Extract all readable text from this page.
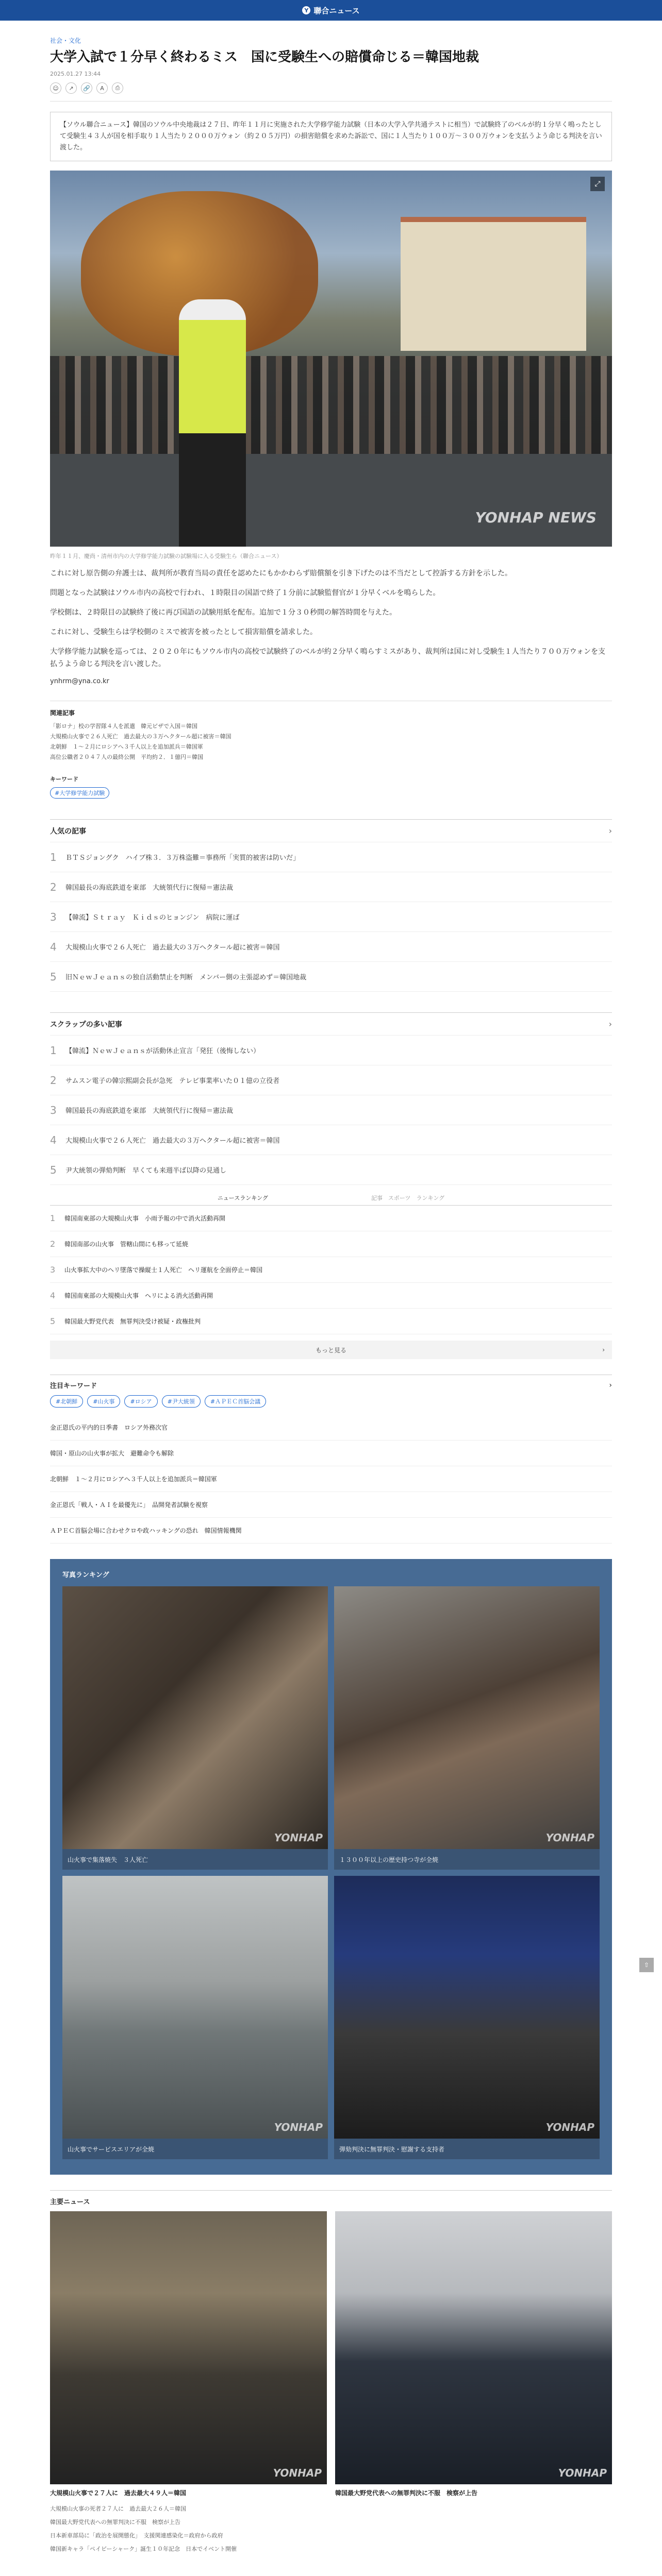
Y 聯合ニュース
社会・文化
大学入試で１分早く終わるミス　国に受験生への賠償命じる＝韓国地裁
2025.01.27 13:44
☺	↗	🔗	A	⎙
【ソウル聯合ニュース】韓国のソウル中央地裁は２７日、昨年１１月に実施された大学修学能力試験（日本の大学入学共通テストに相当）で試験終了のベルが約１分早く鳴ったとして受験生４３人が国を相手取り１人当たり２０００万ウォン（約２０５万円）の損害賠償を求めた訴訟で、国に１人当たり１００万〜３００万ウォンを支払うよう命じる判決を言い渡した。
⤢
YONHAP NEWS
昨年１１月、慶尚・清州市内の大学修学能力試験の試験場に入る受験生ら（聯合ニュース）

これに対し原告側の弁護士は、裁判所が教育当局の責任を認めたにもかかわらず賠償額を引き下げたのは不当だとして控訴する方針を示した。

問題となった試験はソウル市内の高校で行われ、１時限目の国語で終了１分前に試験監督官が１分早くベルを鳴らした。

学校側は、２時限目の試験終了後に再び国語の試験用紙を配布。追加で１分３０秒間の解答時間を与えた。

これに対し、受験生らは学校側のミスで被害を被ったとして損害賠償を請求した。

大学修学能力試験を巡っては、２０２０年にもソウル市内の高校で試験終了のベルが約２分早く鳴らすミスがあり、裁判所は国に対し受験生１人当たり７００万ウォンを支払うよう命じる判決を言い渡した。

ynhrm@yna.co.kr
関連記事
「影ロナ」校の学習隊４人を派遣　韓元ビザで入国＝韓国
大規模山火事で２６人死亡　過去最大の３万ヘクタール超に被害＝韓国
北朝鮮　１〜２月にロシアへ３千人以上を追加派兵＝韓国軍
高位公職者２０４７人の最終公開　平均約２．１億円＝韓国
キーワード
#大学修学能力試験
人気の記事	›
1	ＢＴＳジョングク　ハイブ株３．３万株盗難＝事務所「実質的被害は防いだ」
2	韓国最長の海底鉄道を東部　大統領代行に復帰＝憲法裁
3	【韓流】Ｓｔｒａｙ　Ｋｉｄｓのヒョンジン　病院に運ば
4	大規模山火事で２６人死亡　過去最大の３万ヘクタール超に被害＝韓国
5	旧ＮｅｗＪｅａｎｓの独自活動禁止を判断　メンバー側の主張認めず＝韓国地裁
スクラップの多い記事	›
1	【韓流】ＮｅｗＪｅａｎｓが活動休止宣言「発狂（後悔しない）
2	サムスン電子の韓宗熙副会長が急死　テレビ事業率いた０１億の立役者
3	韓国最長の海底鉄道を東部　大統領代行に復帰＝憲法裁
4	大規模山火事で２６人死亡　過去最大の３万ヘクタール超に被害＝韓国
5	尹大統領の弾劾判断　早くても来週半ば以降の見通し
ニュースランキング	記事　スポーツ　ランキング
1	韓国南東部の大規模山火事　小雨予報の中で消火活動再開
2	韓国南部の山火事　管轄山間にも移って延焼
3	山火事拡大中のヘリ墜落で操縦士１人死亡　ヘリ運航を全面停止＝韓国
4	韓国南東部の大規模山火事　ヘリによる消火活動再開
5	韓国最大野党代表　無罪判決受け被疑・政権批判
もっと見る	›
注目キーワード	›
#北朝鮮	#山火事	#ロシア	#尹大統領	#ＡＰＥＣ首脳会議
金正恩氏の平内的日季書　ロシア外務次官
韓国・原山の山火事が拡大　避難命令も解除
北朝鮮　１〜２月にロシアへ３千人以上を追加派兵＝韓国軍
金正恩氏「戦人・ＡＩを最優先に」　品開発者試験を視察
ＡＰＥＣ首脳会場に合わせクロや政ハッキングの恐れ　韓国情報機関
写真ランキング
YONHAP
山火事で集落焼失　３人死亡
YONHAP
１３００年以上の歴史持つ寺が全焼
YONHAP
山火事でサービスエリアが全焼
YONHAP
弾劾判決に無罪判決・慰謝する支持者
主要ニュース
YONHAP
大規模山火事で２７人に　過去最大４９人＝韓国
大規模山火事の死者２７人に　過去最大２６人＝韓国
韓国最大野党代表への無罪判決に不服　検察が上告
日本新車部局に「政治を展開態化」　支援関連感染化＝政府から政府
韓国新キャラ「ペイビーシャーク」誕生１０年記念　日本でイベント開催
YONHAP
韓国最大野党代表への無罪判決に不服　検察が上告
⇧
